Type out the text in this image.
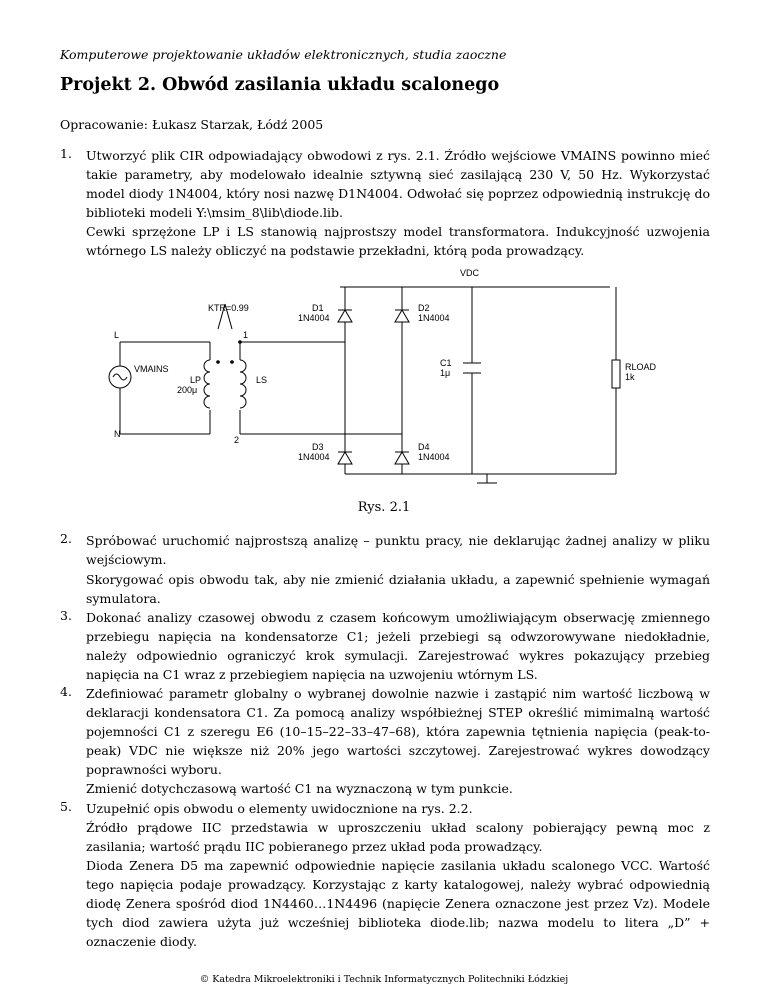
Komputerowe projektowanie układów elektronicznych, studia zaoczne
Projekt 2. Obwód zasilania układu scalonego
Opracowanie: Łukasz Starzak, Łódź 2005
1. Utworzyć plik CIR odpowiadający obwodowi z rys. 2.1. Źródło wejściowe VMAINS powinno mieć takie parametry, aby modelowało idealnie sztywną sieć zasilającą 230 V, 50 Hz. Wykorzystać model diody 1N4004, który nosi nazwę D1N4004. Odwołać się poprzez odpowiednią instrukcję do biblioteki modeli Y:\msim_8\lib\diode.lib.
Cewki sprzężone LP i LS stanowią najprostszy model transformatora. Indukcyjność uzwojenia wtórnego LS należy obliczyć na podstawie przekładni, którą poda prowadzący.
VDC
KTR=0.99	D1
1N4004
D2
1N4004
L	1
VMAINS
LP
200μ
LS
C1
1μ
RLOAD
1k
N
2
D3
1N4004
D4
1N4004
Rys. 2.1
2. Spróbować uruchomić najprostszą analizę – punktu pracy, nie deklarując żadnej analizy w pliku wejściowym.
Skorygować opis obwodu tak, aby nie zmienić działania układu, a zapewnić spełnienie wymagań symulatora.
3. Dokonać analizy czasowej obwodu z czasem końcowym umożliwiającym obserwację zmiennego przebiegu napięcia na kondensatorze C1; jeżeli przebiegi są odwzorowywane niedokładnie, należy odpowiednio ograniczyć krok symulacji. Zarejestrować wykres pokazujący przebieg napięcia na C1 wraz z przebiegiem napięcia na uzwojeniu wtórnym LS.
4. Zdefiniować parametr globalny o wybranej dowolnie nazwie i zastąpić nim wartość liczbową w deklaracji kondensatora C1. Za pomocą analizy współbieżnej STEP określić mimimalną wartość pojemności C1 z szeregu E6 (10–15–22–33–47–68), która zapewnia tętnienia napięcia (peak-to-peak) VDC nie większe niż 20% jego wartości szczytowej. Zarejestrować wykres dowodzący poprawności wyboru.
Zmienić dotychczasową wartość C1 na wyznaczoną w tym punkcie.
5. Uzupełnić opis obwodu o elementy uwidocznione na rys. 2.2.
Źródło prądowe IIC przedstawia w uproszczeniu układ scalony pobierający pewną moc z zasilania; wartość prądu IIC pobieranego przez układ poda prowadzący.
Dioda Zenera D5 ma zapewnić odpowiednie napięcie zasilania układu scalonego VCC. Wartość tego napięcia podaje prowadzący. Korzystając z karty katalogowej, należy wybrać odpowiednią diodę Zenera spośród diod 1N4460…1N4496 (napięcie Zenera oznaczone jest przez Vz). Modele tych diod zawiera użyta już wcześniej biblioteka diode.lib; nazwa modelu to litera „D” + oznaczenie diody.
© Katedra Mikroelektroniki i Technik Informatycznych Politechniki Łódzkiej
